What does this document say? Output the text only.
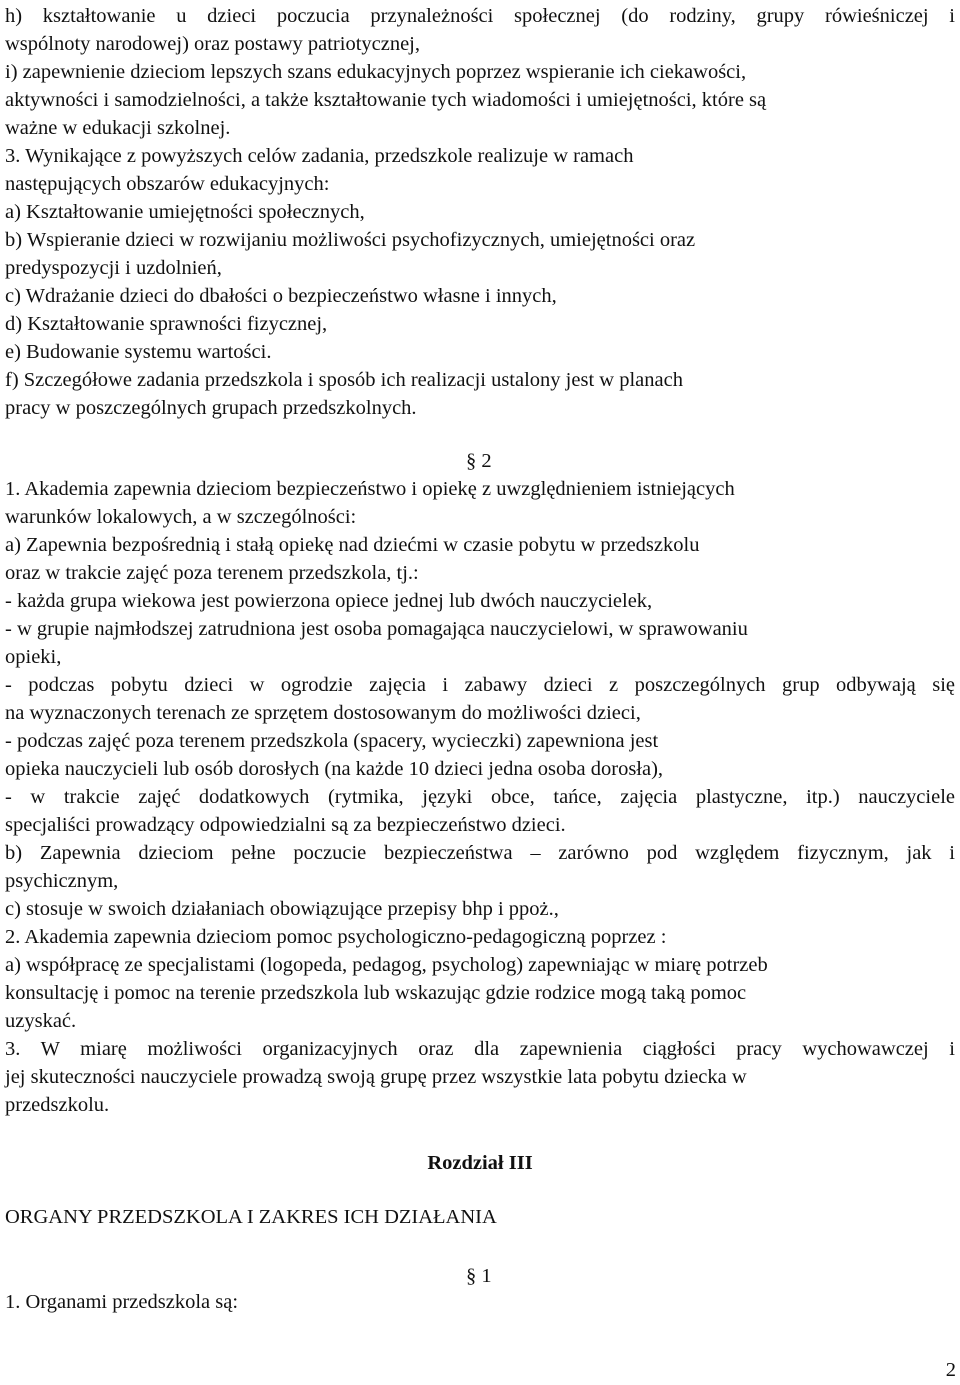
h) kształtowanie u dzieci poczucia przynależności społecznej (do rodziny, grupy rówieśniczej i

wspólnoty narodowej) oraz postawy patriotycznej,

i) zapewnienie dzieciom lepszych szans edukacyjnych poprzez wspieranie ich ciekawości,

aktywności i samodzielności, a także kształtowanie tych wiadomości i umiejętności, które są

ważne w edukacji szkolnej.

3. Wynikające z powyższych celów zadania, przedszkole realizuje w ramach

następujących obszarów edukacyjnych:

a) Kształtowanie umiejętności społecznych,

b) Wspieranie dzieci w rozwijaniu możliwości psychofizycznych, umiejętności oraz

predyspozycji i uzdolnień,

c) Wdrażanie dzieci do dbałości o bezpieczeństwo własne i innych,

d) Kształtowanie sprawności fizycznej,

e) Budowanie systemu wartości.

f) Szczegółowe zadania przedszkola i sposób ich realizacji ustalony jest w planach

pracy w poszczególnych grupach przedszkolnych.

§ 2

1. Akademia zapewnia dzieciom bezpieczeństwo i opiekę z uwzględnieniem istniejących

warunków lokalowych, a w szczególności:

a) Zapewnia bezpośrednią i stałą opiekę nad dziećmi w czasie pobytu w przedszkolu

oraz w trakcie zajęć poza terenem przedszkola, tj.:

- każda grupa wiekowa jest powierzona opiece jednej lub dwóch nauczycielek,

- w grupie najmłodszej zatrudniona jest osoba pomagająca nauczycielowi, w sprawowaniu

opieki,

- podczas pobytu dzieci w ogrodzie zajęcia i zabawy dzieci z poszczególnych grup odbywają się

na wyznaczonych terenach ze sprzętem dostosowanym do możliwości dzieci,

- podczas zajęć poza terenem przedszkola (spacery, wycieczki) zapewniona jest

opieka nauczycieli lub osób dorosłych (na każde 10 dzieci jedna osoba dorosła),

- w trakcie zajęć dodatkowych (rytmika, języki obce, tańce, zajęcia plastyczne, itp.) nauczyciele

specjaliści prowadzący odpowiedzialni są za bezpieczeństwo dzieci.

b) Zapewnia dzieciom pełne poczucie bezpieczeństwa – zarówno pod względem fizycznym, jak i

psychicznym,

c) stosuje w swoich działaniach obowiązujące przepisy bhp i ppoż.,

2. Akademia zapewnia dzieciom pomoc psychologiczno-pedagogiczną poprzez :

a) współpracę ze specjalistami (logopeda, pedagog, psycholog) zapewniając w miarę potrzeb

konsultację i pomoc na terenie przedszkola lub wskazując gdzie rodzice mogą taką pomoc

uzyskać.

3. W miarę możliwości organizacyjnych oraz dla zapewnienia ciągłości pracy wychowawczej i

jej skuteczności nauczyciele prowadzą swoją grupę przez wszystkie lata pobytu dziecka w

przedszkolu.

Rozdział III

ORGANY PRZEDSZKOLA I ZAKRES ICH DZIAŁANIA

§ 1

1. Organami przedszkola są:

2
